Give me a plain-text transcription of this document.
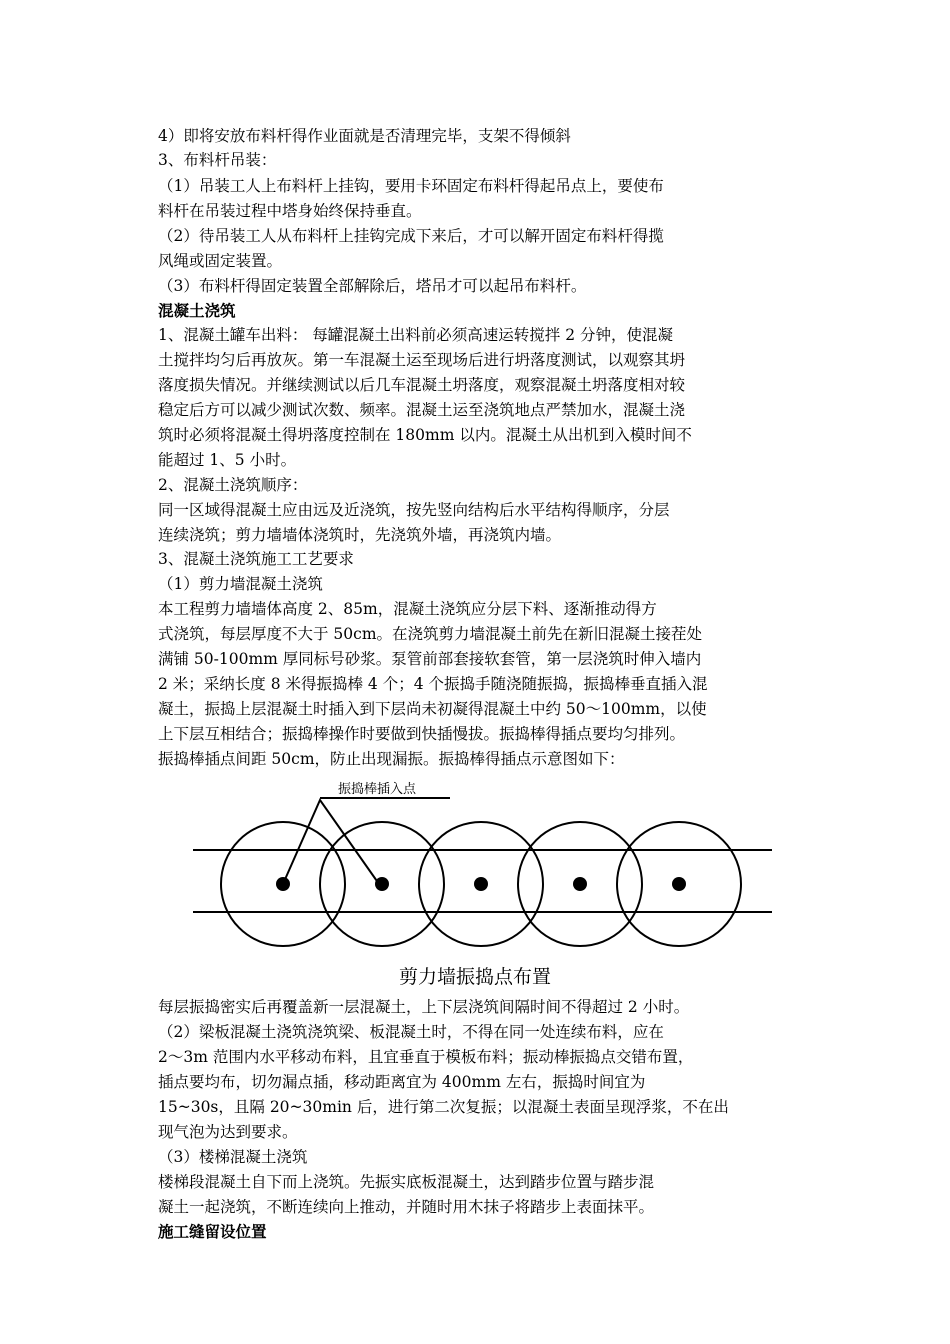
4）即将安放布料杆得作业面就是否清理完毕，支架不得倾斜
3、布料杆吊装：
（1）吊装工人上布料杆上挂钩，要用卡环固定布料杆得起吊点上，要使布
料杆在吊装过程中塔身始终保持垂直。
（2）待吊装工人从布料杆上挂钩完成下来后，才可以解开固定布料杆得揽
风绳或固定装置。
（3）布料杆得固定装置全部解除后，塔吊才可以起吊布料杆。
混凝土浇筑
1、混凝土罐车出料： 每罐混凝土出料前必须高速运转搅拌 2 分钟，使混凝
土搅拌均匀后再放灰。第一车混凝土运至现场后进行坍落度测试，以观察其坍
落度损失情况。并继续测试以后几车混凝土坍落度，观察混凝土坍落度相对较
稳定后方可以减少测试次数、频率。混凝土运至浇筑地点严禁加水，混凝土浇
筑时必须将混凝土得坍落度控制在 180mm 以内。混凝土从出机到入模时间不
能超过 1、5 小时。
2、混凝土浇筑顺序：
同一区域得混凝土应由远及近浇筑，按先竖向结构后水平结构得顺序，分层
连续浇筑；剪力墙墙体浇筑时，先浇筑外墙，再浇筑内墙。
3、混凝土浇筑施工工艺要求
（1）剪力墙混凝土浇筑
本工程剪力墙墙体高度 2、85m，混凝土浇筑应分层下料、逐渐推动得方
式浇筑，每层厚度不大于 50cm。在浇筑剪力墙混凝土前先在新旧混凝土接茬处
满铺 50-100mm 厚同标号砂浆。泵管前部套接软套管，第一层浇筑时伸入墙内
2 米；采纳长度 8 米得振捣棒 4 个；4 个振捣手随浇随振捣，振捣棒垂直插入混
凝土，振捣上层混凝土时插入到下层尚未初凝得混凝土中约 50～100mm，以使
上下层互相结合；振捣棒操作时要做到快插慢拔。振捣棒得插点要均匀排列。
振捣棒插点间距 50cm，防止出现漏振。振捣棒得插点示意图如下：
振捣棒插入点
剪力墙振捣点布置
每层振捣密实后再覆盖新一层混凝土，上下层浇筑间隔时间不得超过 2 小时。
（2）梁板混凝土浇筑浇筑梁、板混凝土时，不得在同一处连续布料，应在
2～3m 范围内水平移动布料，且宜垂直于模板布料；振动棒振捣点交错布置，
插点要均布，切勿漏点插，移动距离宜为 400mm 左右，振捣时间宜为
15~30s，且隔 20~30min 后，进行第二次复振；以混凝土表面呈现浮浆，不在出
现气泡为达到要求。
（3）楼梯混凝土浇筑
楼梯段混凝土自下而上浇筑。先振实底板混凝土，达到踏步位置与踏步混
凝土一起浇筑，不断连续向上推动，并随时用木抹子将踏步上表面抹平。
施工缝留设位置
